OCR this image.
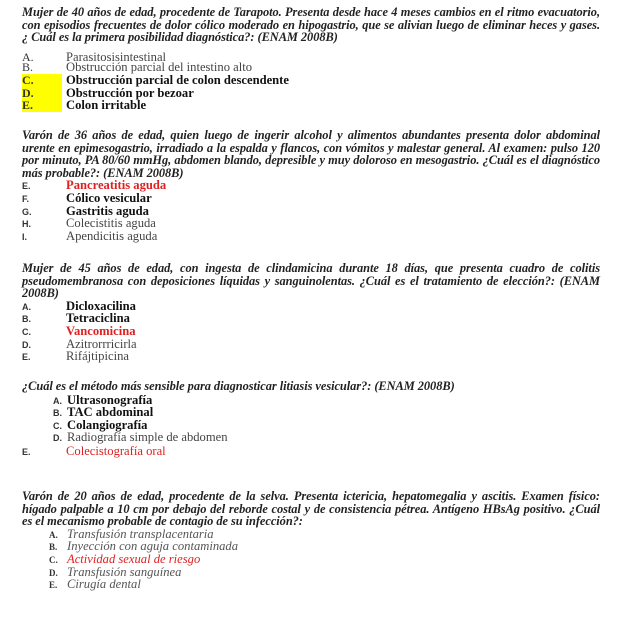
Mujer de 40 años de edad, procedente de Tarapoto. Presenta desde hace 4 meses cambios en el ritmo evacuatorio, con episodios frecuentes de dolor cólico moderado en hipogastrio, que se alivian luego de eliminar heces y gases. ¿ Cuál es la primera posibilidad diagnóstica?: (ENAM 2008B)
A.	Parasitosisintestinal
B.	Obstrucción parcial del intestino alto
C.	Obstrucción parcial de colon descendente
D.	Obstrucción por bezoar
E.	Colon irritable
Varón de 36 años de edad, quien luego de ingerir alcohol y alimentos abundantes presenta dolor abdominal urente en epimesogastrio, irradiado a la espalda y flancos, con vómitos y malestar general. Al examen: pulso 120 por minuto, PA 80/60 mmHg, abdomen blando, depresible y muy doloroso en mesogastrio. ¿Cuál es el diagnóstico más probable?: (ENAM 2008B)
E.	Pancreatitis aguda
F.	Cólico vesicular
G.	Gastritis aguda
H.	Colecistitis aguda
I.	Apendicitis aguda
Mujer de 45 años de edad, con ingesta de clindamicina durante 18 días, que presenta cuadro de colitis pseudomembranosa con deposiciones líquidas y sanguinolentas. ¿Cuál es el tratamiento de elección?: (ENAM 2008B)
A.	Dicloxacilina
B.	Tetraciclina
C.	Vancomicina
D.	Azitrorrricirla
E.	Rifájtipicina
¿Cuál es el método más sensible para diagnosticar litiasis vesicular?: (ENAM 2008B)
A. Ultrasonografía
B. TAC abdominal
C. Colangiografía
D. Radiografía simple de abdomen
E.	Colecistografía oral
Varón de 20 años de edad, procedente de la selva. Presenta ictericia, hepatomegalia y ascitis. Examen físico: hígado palpable a 10 cm por debajo del reborde costal y de consistencia pétrea. Antígeno HBsAg positivo. ¿Cuál es el mecanismo probable de contagio de su infección?:
A. Transfusión transplacentaria
B. Inyección con aguja contaminada
C. Actividad sexual de riesgo
D. Transfusión sanguínea
E. Cirugía dental
